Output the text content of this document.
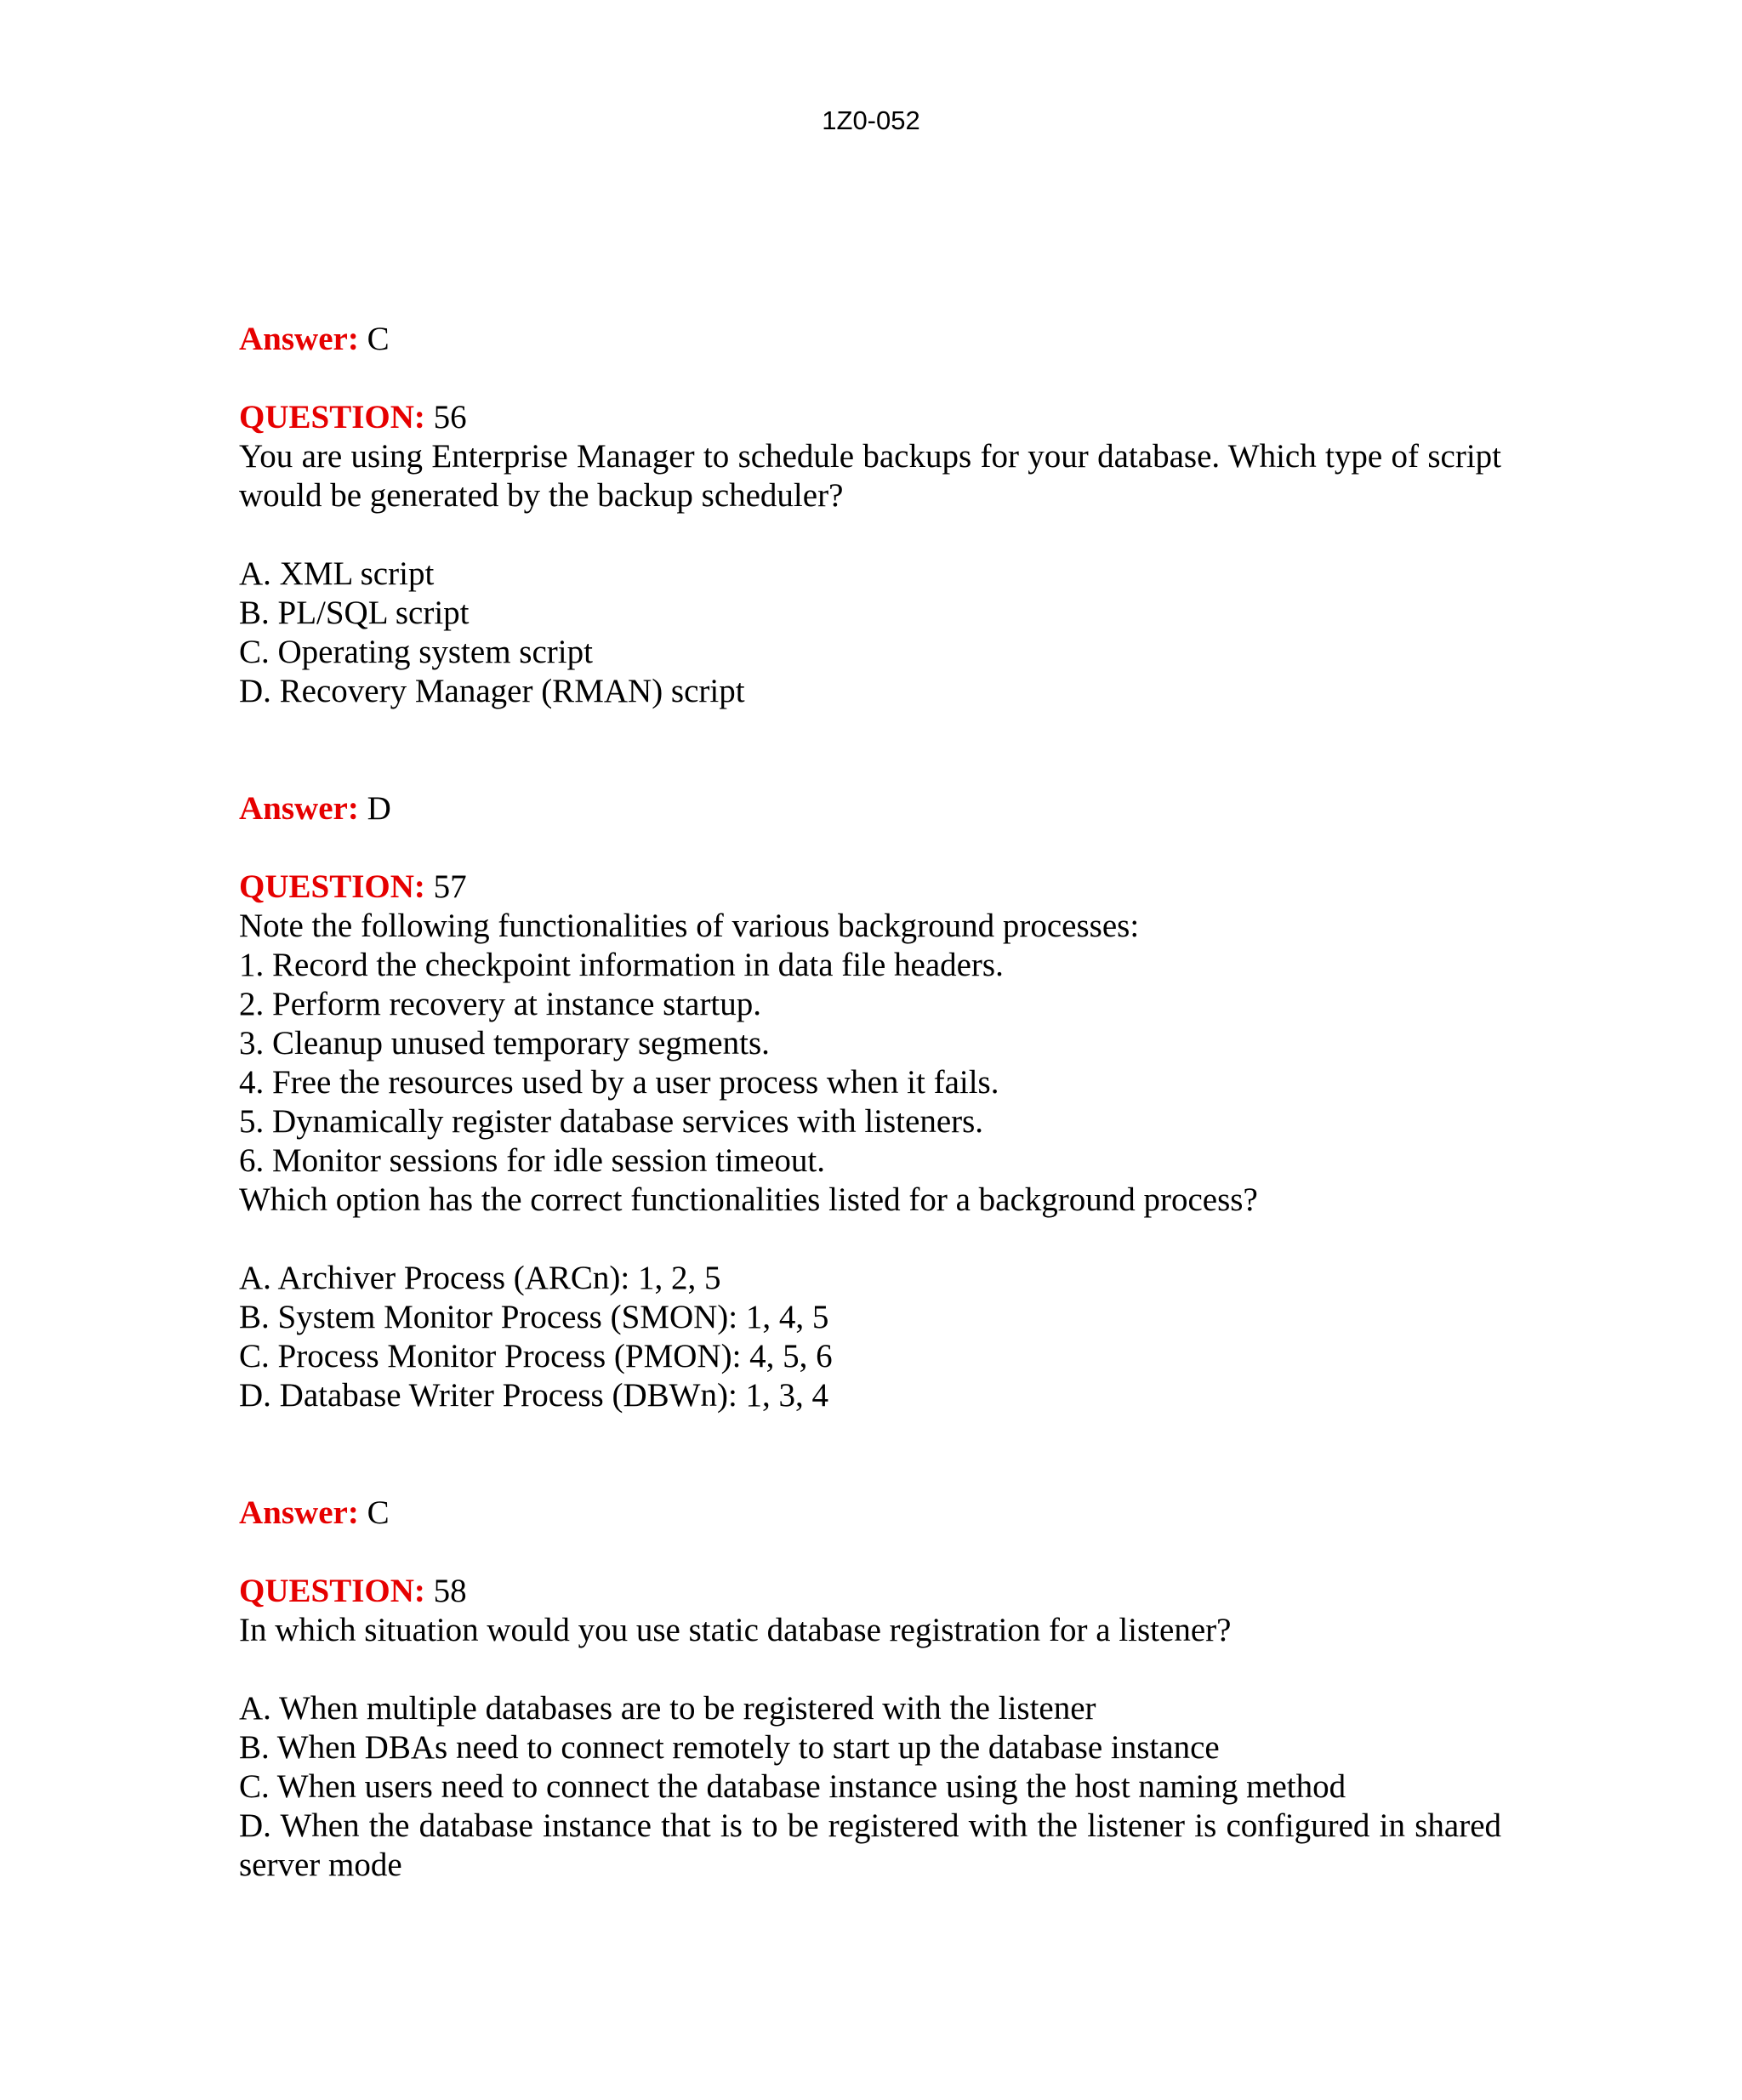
1Z0-052
Answer: C
QUESTION: 56
You are using Enterprise Manager to schedule backups for your database. Which type of script would be generated by the backup scheduler?
A. XML script
B. PL/SQL script
C. Operating system script
D. Recovery Manager (RMAN) script
Answer: D
QUESTION: 57
Note the following functionalities of various background processes:
1. Record the checkpoint information in data file headers.
2. Perform recovery at instance startup.
3. Cleanup unused temporary segments.
4. Free the resources used by a user process when it fails.
5. Dynamically register database services with listeners.
6. Monitor sessions for idle session timeout.
Which option has the correct functionalities listed for a background process?
A. Archiver Process (ARCn): 1, 2, 5
B. System Monitor Process (SMON): 1, 4, 5
C. Process Monitor Process (PMON): 4, 5, 6
D. Database Writer Process (DBWn): 1, 3, 4
Answer: C
QUESTION: 58
In which situation would you use static database registration for a listener?
A. When multiple databases are to be registered with the listener
B. When DBAs need to connect remotely to start up the database instance
C. When users need to connect the database instance using the host naming method
D. When the database instance that is to be registered with the listener is configured in shared server mode
